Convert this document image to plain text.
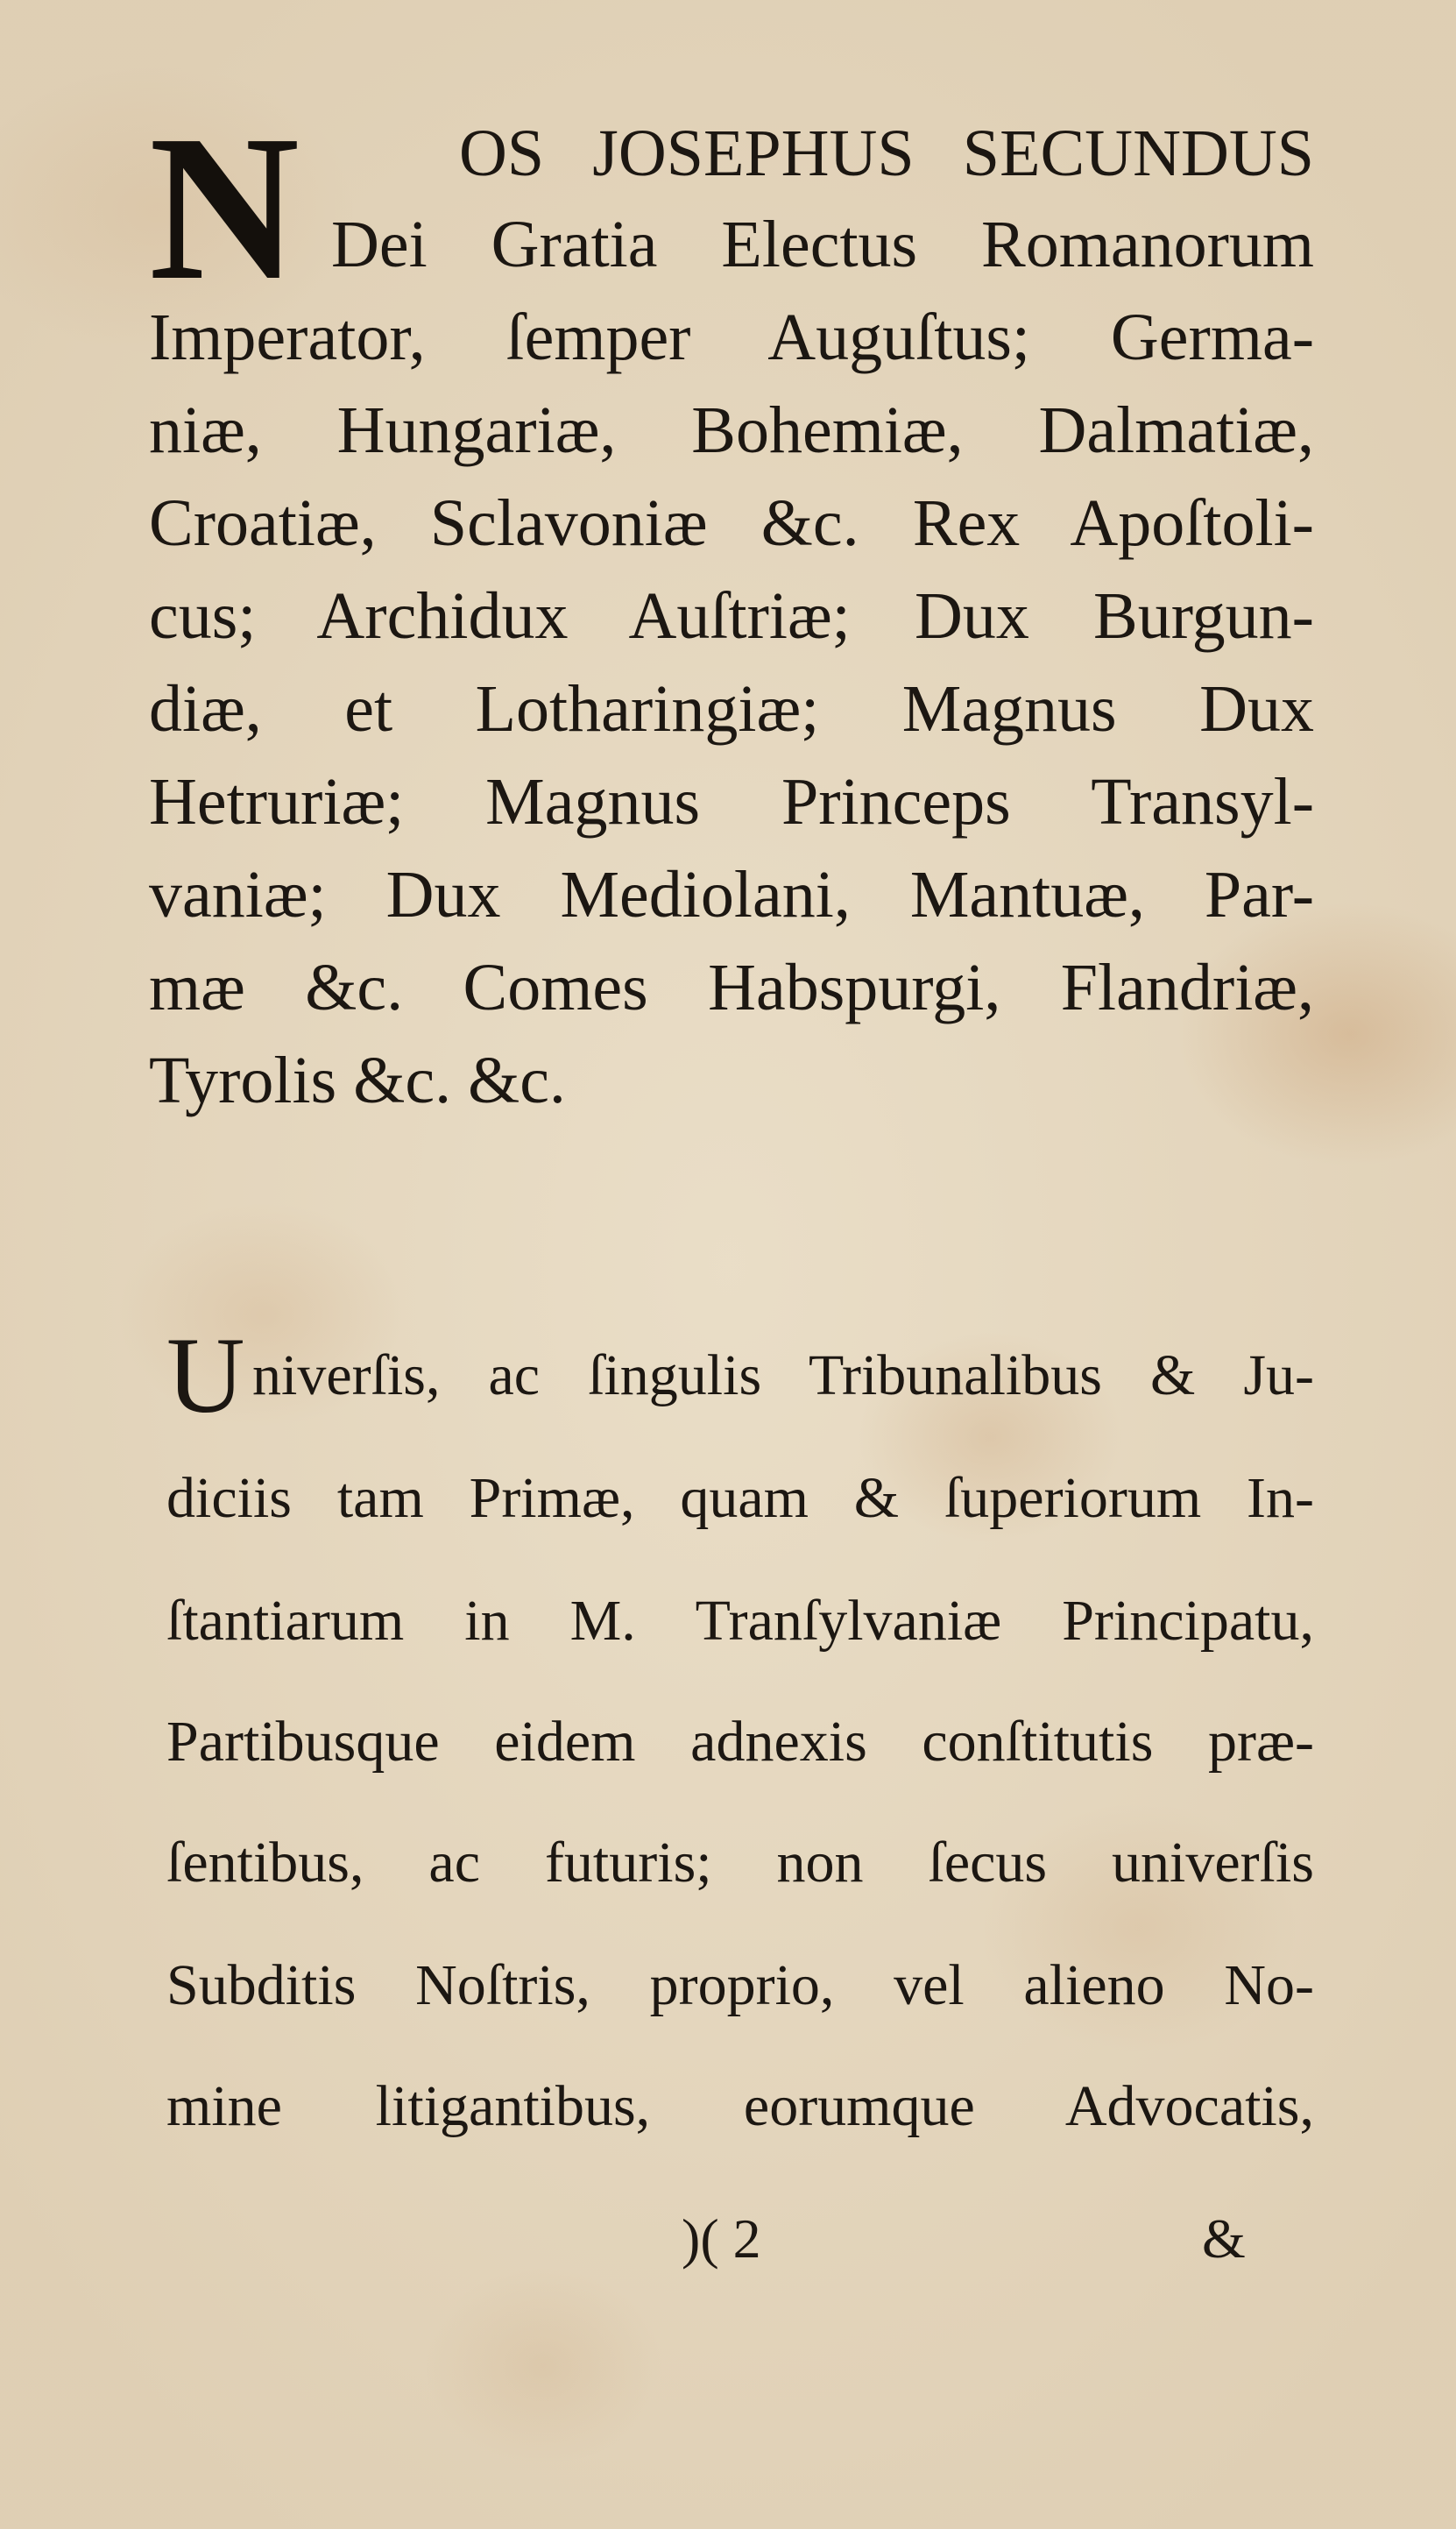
N OS JOSEPHUS SECUNDUS
Dei Gratia Electus Romanorum
Imperator, ſemper Auguſtus; Germa-
niæ, Hungariæ, Bohemiæ, Dalmatiæ,
Croatiæ, Sclavoniæ &c. Rex Apoſtoli-
cus; Archidux Auſtriæ; Dux Burgun-
diæ, et Lotharingiæ; Magnus Dux
Hetruriæ; Magnus Princeps Transyl-
vaniæ; Dux Mediolani, Mantuæ, Par-
mæ &c. Comes Habspurgi, Flandriæ,
Tyrolis &c. &c.
U niverſis, ac ſingulis Tribunalibus & Ju-
diciis tam Primæ, quam & ſuperiorum In-
ſtantiarum in M. Tranſylvaniæ Principatu,
Partibusque eidem adnexis conſtitutis præ-
ſentibus, ac futuris; non ſecus univerſis
Subditis Noſtris, proprio, vel alieno No-
mine litigantibus, eorumque Advocatis,
)( 2	&
